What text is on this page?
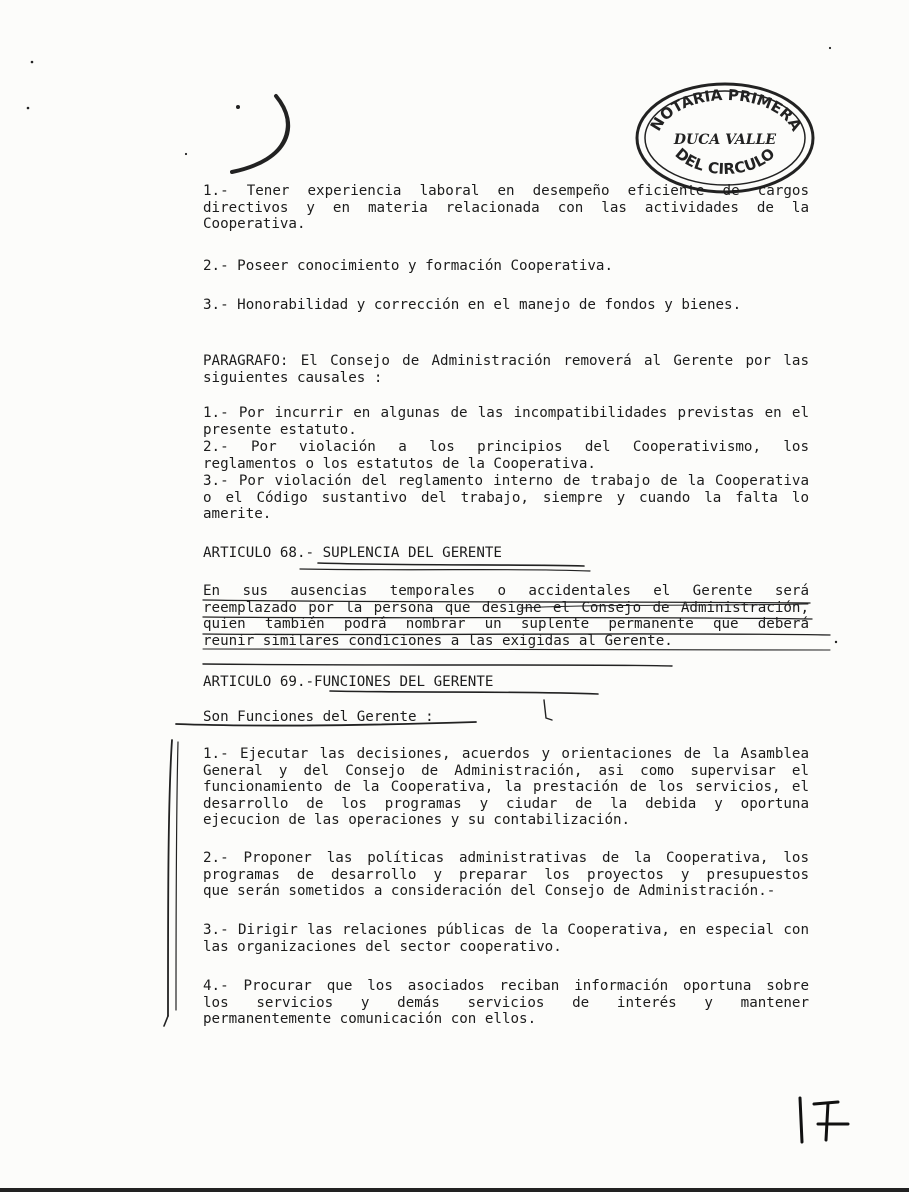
NOTARIA PRIMERA
DUCA VALLE
DEL CIRCULO
1.- Tener experiencia laboral en desempeño eficiente de cargos
directivos y en materia relacionada con las actividades de la
Cooperativa.
2.- Poseer conocimiento y formación Cooperativa.
3.- Honorabilidad y corrección en el manejo de fondos y bienes.
PARAGRAFO: El Consejo de Administración removerá al Gerente por las
siguientes causales :
1.- Por incurrir en algunas de las incompatibilidades previstas en el
presente estatuto.
2.- Por violación a los principios del Cooperativismo, los
reglamentos o los estatutos de la Cooperativa.
3.- Por violación del reglamento interno de trabajo de la Cooperativa
o el Código sustantivo del trabajo, siempre y cuando la falta lo
amerite.
ARTICULO 68.- SUPLENCIA DEL GERENTE
En sus ausencias temporales o accidentales el Gerente será
reemplazado por la persona que designe el Consejo de Administración,
quien también podrá nombrar un suplente permanente que deberá
reunir similares condiciones a las exigidas al Gerente.
ARTICULO 69.-FUNCIONES DEL GERENTE
Son Funciones del Gerente :
1.- Ejecutar las decisiones, acuerdos y orientaciones de la Asamblea
General y del Consejo de Administración, asi como supervisar el
funcionamiento de la Cooperativa, la prestación de los servicios, el
desarrollo de los programas y ciudar de la debida y oportuna
ejecucion de las operaciones y su contabilización.
2.- Proponer las políticas administrativas de la Cooperativa, los
programas de desarrollo y preparar los proyectos y presupuestos
que serán sometidos a consideración del Consejo de Administración.-
3.- Dirigir las relaciones públicas de la Cooperativa, en especial con
las organizaciones del sector cooperativo.
4.- Procurar que los asociados reciban información oportuna sobre
los servicios y demás servicios de interés y mantener
permanentemente comunicación con ellos.
17
